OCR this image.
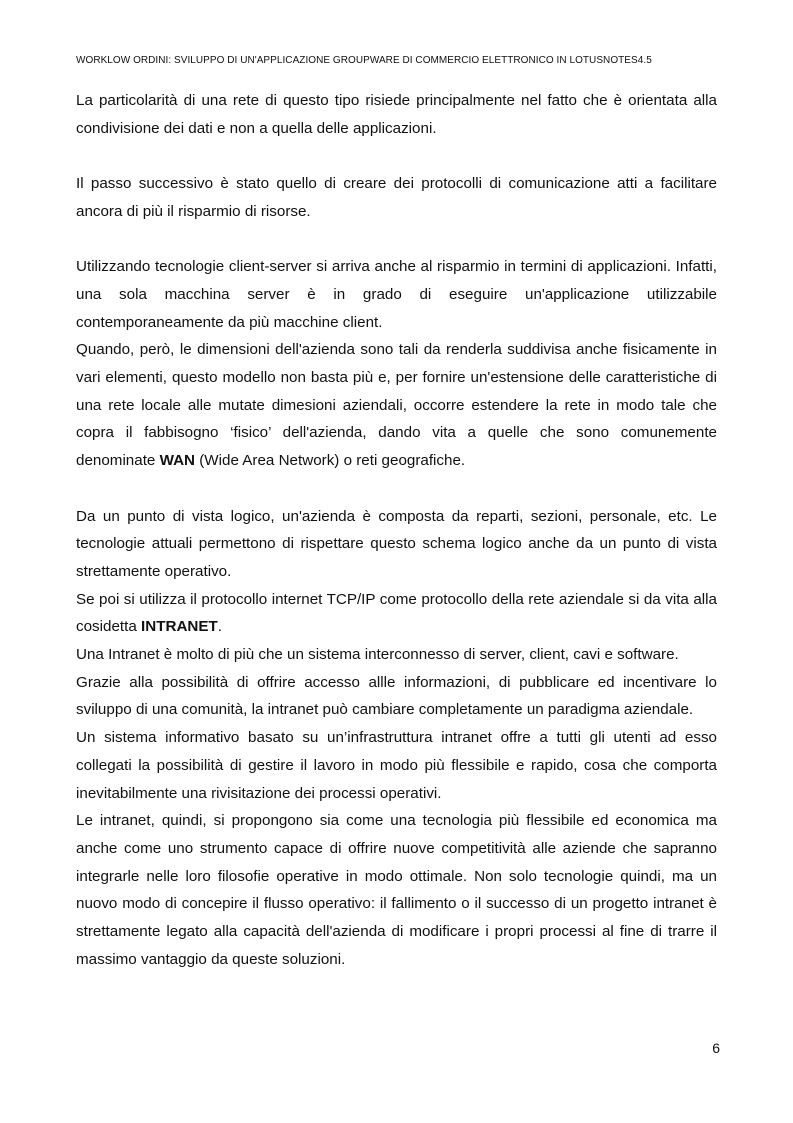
WORKLOW ORDINI: SVILUPPO DI UN'APPLICAZIONE GROUPWARE DI COMMERCIO ELETTRONICO IN LOTUSNOTES4.5

La particolarità di una rete di questo tipo risiede principalmente nel fatto che è orientata alla condivisione dei dati e non a quella delle applicazioni.

Il passo successivo è stato quello di creare dei protocolli di comunicazione atti a facilitare ancora di più il risparmio di risorse.

Utilizzando tecnologie client-server si arriva anche al risparmio in termini di applicazioni. Infatti, una sola macchina server è in grado di eseguire un'applicazione utilizzabile contemporaneamente da più macchine client.

Quando, però, le dimensioni dell'azienda sono tali da renderla suddivisa anche fisicamente in vari elementi, questo modello non basta più e, per fornire un'estensione delle caratteristiche di una rete locale alle mutate dimesioni aziendali, occorre estendere la rete in modo tale che copra il fabbisogno ‘fisico’ dell'azienda, dando vita a quelle che sono comunemente denominate WAN (Wide Area Network) o reti geografiche.

Da un punto di vista logico, un'azienda è composta da reparti, sezioni, personale, etc. Le tecnologie attuali permettono di rispettare questo schema logico anche da un punto di vista strettamente operativo.

Se poi si utilizza il protocollo internet TCP/IP come protocollo della rete aziendale si da vita alla cosidetta INTRANET.

Una Intranet è molto di più che un sistema interconnesso di server, client, cavi e software.

Grazie alla possibilità di offrire accesso allle informazioni, di pubblicare ed incentivare lo sviluppo di una comunità, la intranet può cambiare completamente un paradigma aziendale.

Un sistema informativo basato su un’infrastruttura intranet offre a tutti gli utenti ad esso collegati la possibilità di gestire il lavoro in modo più flessibile e rapido, cosa che comporta inevitabilmente una rivisitazione dei processi operativi.

Le intranet, quindi, si propongono sia come una tecnologia più flessibile ed economica ma anche come uno strumento capace di offrire nuove competitività alle aziende che sapranno integrarle nelle loro filosofie operative in modo ottimale. Non solo tecnologie quindi, ma un nuovo modo di concepire il flusso operativo: il fallimento o il successo di un progetto intranet è strettamente legato alla capacità dell'azienda di modificare i propri processi al fine di trarre il massimo vantaggio da queste soluzioni.

6
